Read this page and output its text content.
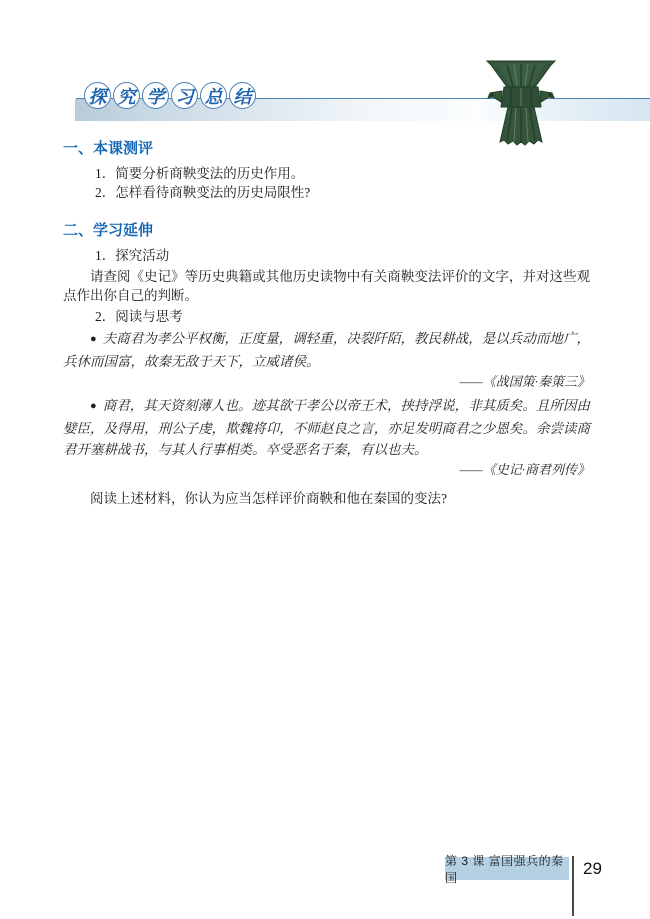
探 究 学 习 总 结

一、本课测评

1．简要分析商鞅变法的历史作用。

2．怎样看待商鞅变法的历史局限性?

二、学习延伸

1．探究活动

请查阅《史记》等历史典籍或其他历史读物中有关商鞅变法评价的文字，并对这些观点作出你自己的判断。

2．阅读与思考

● 夫商君为孝公平权衡，正度量，调轻重，决裂阡陌，教民耕战，是以兵动而地广，兵休而国富，故秦无敌于天下，立威诸侯。

——《战国策·秦策三》

● 商君，其天资刻薄人也。迹其欲干孝公以帝王术，挟持浮说，非其质矣。且所因由嬖臣，及得用，刑公子虔，欺魏将卬，不师赵良之言，亦足发明商君之少恩矣。余尝读商君开塞耕战书，与其人行事相类。卒受恶名于秦，有以也夫。

——《史记·商君列传》

阅读上述材料，你认为应当怎样评价商鞅和他在秦国的变法?

第 3 课 富国强兵的秦国	29
